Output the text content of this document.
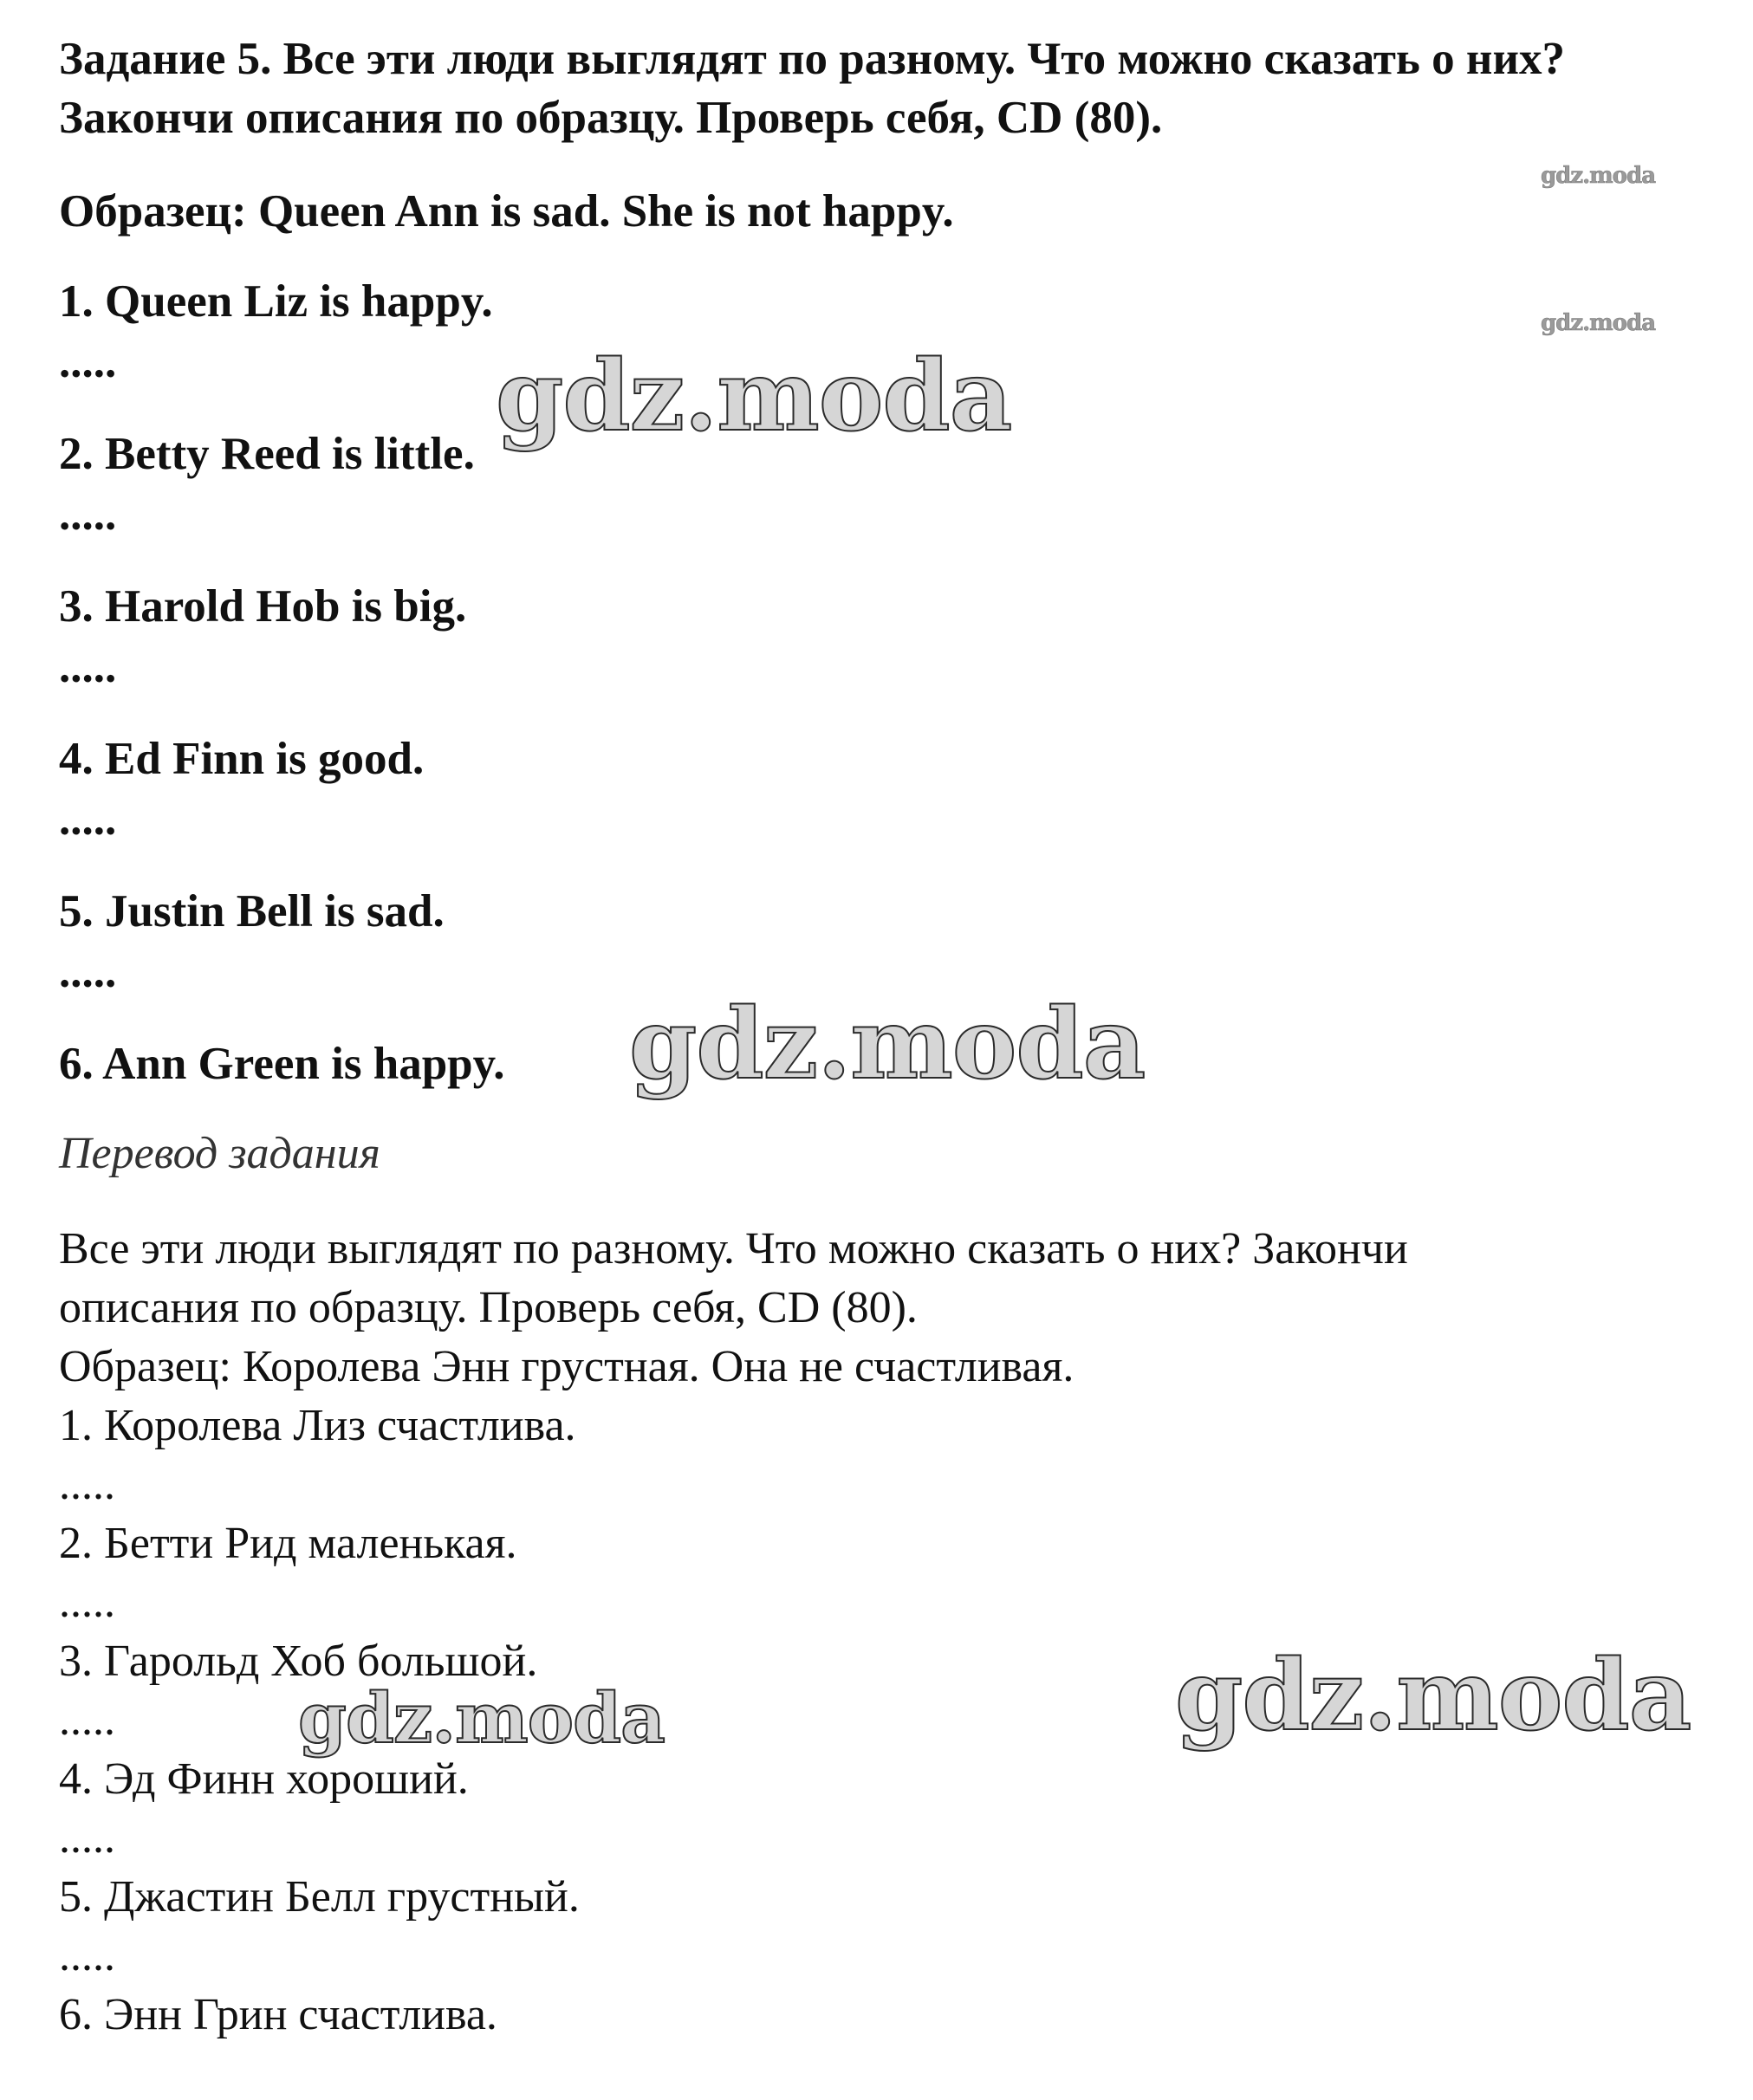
Задание 5. Все эти люди выглядят по разному. Что можно сказать о них?
Закончи описания по образцу. Проверь себя, CD (80).
Образец: Queen Ann is sad. She is not happy.
1. Queen Liz is happy.
.....
2. Betty Reed is little.
.....
3. Harold Hob is big.
.....
4. Ed Finn is good.
.....
5. Justin Bell is sad.
.....
6. Ann Green is happy.
Перевод задания
Все эти люди выглядят по разному. Что можно сказать о них? Закончи
описания по образцу. Проверь себя, CD (80).
Образец: Королева Энн грустная. Она не счастливая.
1. Королева Лиз счастлива.
.....
2. Бетти Рид маленькая.
.....
3. Гарольд Хоб большой.
.....
4. Эд Финн хороший.
.....
5. Джастин Белл грустный.
.....
6. Энн Грин счастлива.
gdz.moda
gdz.moda
gdz.moda
gdz.moda
gdz.moda
gdz.moda
